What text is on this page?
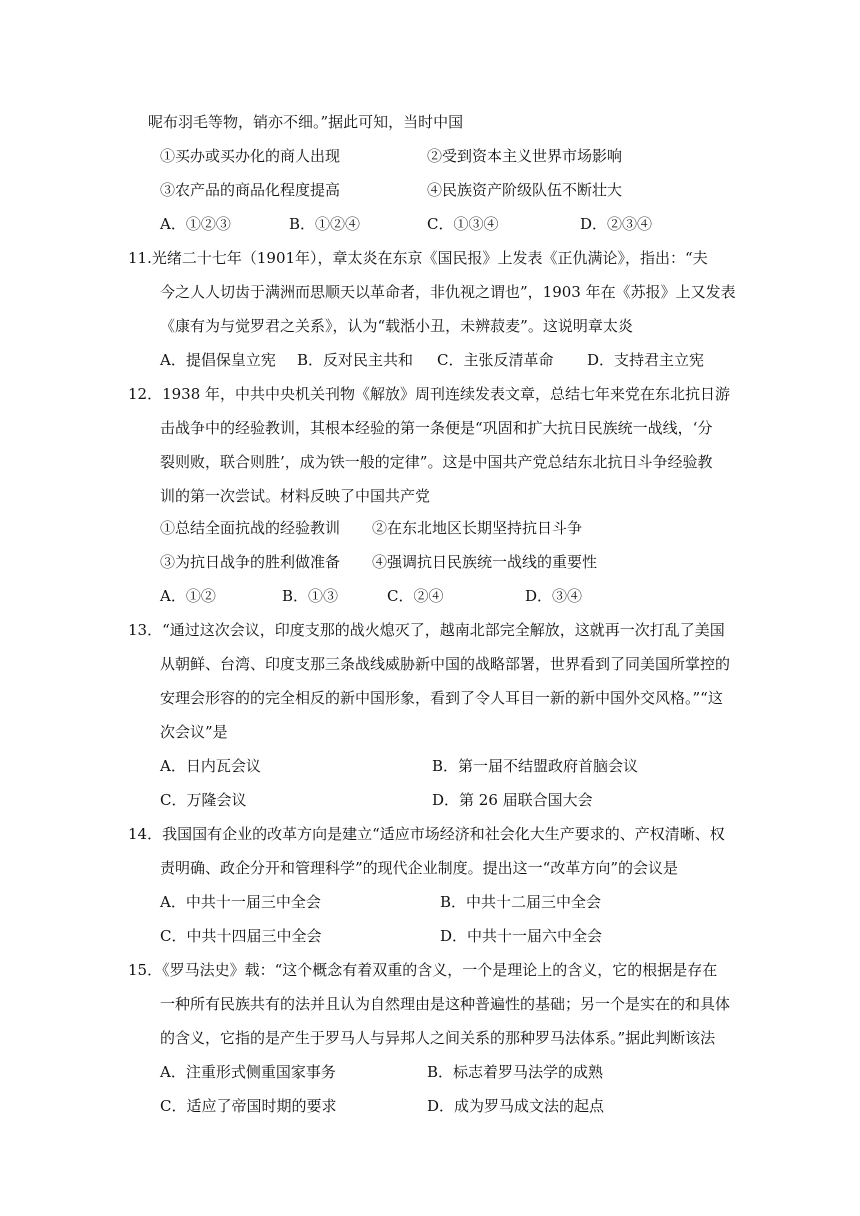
呢布羽毛等物，销亦不细。”据此可知，当时中国
①买办或买办化的商人出现	②受到资本主义世界市场影响
③农产品的商品化程度提高	④民族资产阶级队伍不断壮大
A．①②③	B．①②④	C．①③④	D．②③④
11.光绪二十七年（1901年），章太炎在东京《国民报》上发表《正仇满论》，指出：“夫
今之人人切齿于满洲而思顺天以革命者，非仇视之谓也”，1903 年在《苏报》上又发表
《康有为与觉罗君之关系》，认为“载湉小丑，未辨菽麦”。这说明章太炎
A．提倡保皇立宪 B．反对民主共和 C．主张反清革命 D．支持君主立宪
12．1938 年，中共中央机关刊物《解放》周刊连续发表文章，总结七年来党在东北抗日游
击战争中的经验教训，其根本经验的第一条便是“巩固和扩大抗日民族统一战线，‘分
裂则败，联合则胜’，成为铁一般的定律”。这是中国共产党总结东北抗日斗争经验教
训的第一次尝试。材料反映了中国共产党
①总结全面抗战的经验教训 ②在东北地区长期坚持抗日斗争
③为抗日战争的胜利做准备 ④强调抗日民族统一战线的重要性
A．①②	B．①③	C．②④	D．③④
13．“通过这次会议，印度支那的战火熄灭了，越南北部完全解放，这就再一次打乱了美国
从朝鲜、台湾、印度支那三条战线威胁新中国的战略部署，世界看到了同美国所掌控的
安理会形容的的完全相反的新中国形象，看到了令人耳目一新的新中国外交风格。”“这
次会议”是
A．日内瓦会议	B．第一届不结盟政府首脑会议
C．万隆会议	D．第 26 届联合国大会
14．我国国有企业的改革方向是建立“适应市场经济和社会化大生产要求的、产权清晰、权
责明确、政企分开和管理科学”的现代企业制度。提出这一“改革方向”的会议是
A．中共十一届三中全会	B．中共十二届三中全会
C．中共十四届三中全会	D．中共十一届六中全会
15．《罗马法史》载：“这个概念有着双重的含义，一个是理论上的含义，它的根据是存在
一种所有民族共有的法并且认为自然理由是这种普遍性的基础；另一个是实在的和具体
的含义，它指的是产生于罗马人与异邦人之间关系的那种罗马法体系。”据此判断该法
A．注重形式侧重国家事务	B．标志着罗马法学的成熟
C．适应了帝国时期的要求	D．成为罗马成文法的起点
